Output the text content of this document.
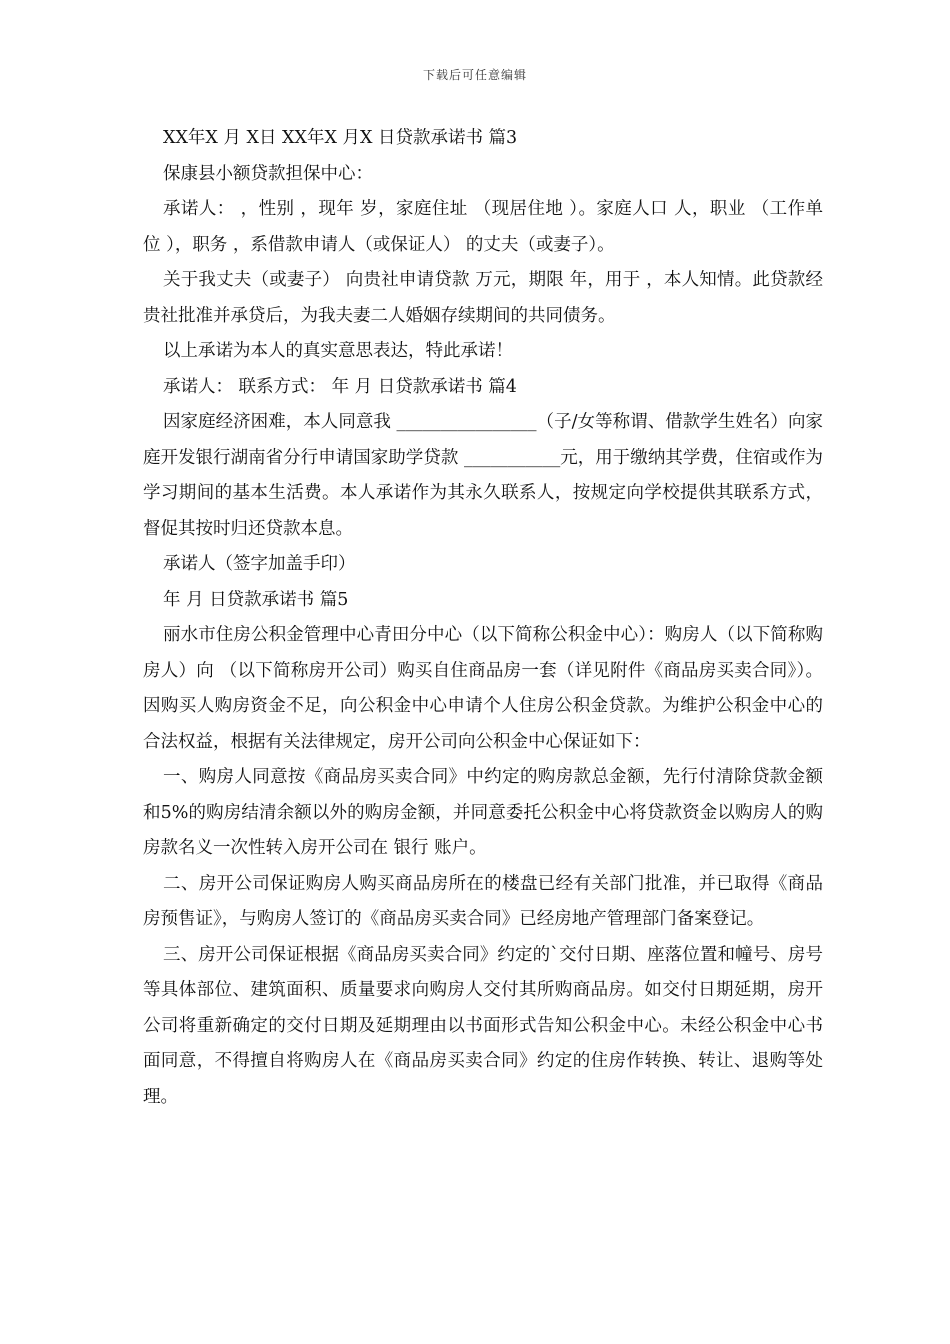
下载后可任意编辑

XX年X 月 X日 XX年X 月X 日贷款承诺书 篇3

保康县小额贷款担保中心：

承诺人： ，性别 ，现年 岁，家庭住址 （现居住地 ）。家庭人口 人，职业 （工作单位 ），职务 ，系借款申请人（或保证人） 的丈夫（或妻子）。

关于我丈夫（或妻子） 向贵社申请贷款 万元，期限 年，用于 ，本人知情。此贷款经贵社批准并承贷后，为我夫妻二人婚姻存续期间的共同债务。

以上承诺为本人的真实意思表达，特此承诺！

承诺人： 联系方式： 年 月 日贷款承诺书 篇4

因家庭经济困难，本人同意我 ________________（子/女等称谓、借款学生姓名）向家庭开发银行湖南省分行申请国家助学贷款 ___________元，用于缴纳其学费，住宿或作为学习期间的基本生活费。本人承诺作为其永久联系人，按规定向学校提供其联系方式，督促其按时归还贷款本息。

承诺人（签字加盖手印）

年 月 日贷款承诺书 篇5

丽水市住房公积金管理中心青田分中心（以下简称公积金中心）：购房人（以下简称购房人）向 （以下简称房开公司）购买自住商品房一套（详见附件《商品房买卖合同》）。因购买人购房资金不足，向公积金中心申请个人住房公积金贷款。为维护公积金中心的合法权益，根据有关法律规定，房开公司向公积金中心保证如下：

一、购房人同意按《商品房买卖合同》中约定的购房款总金额，先行付清除贷款金额和5%的购房结清余额以外的购房金额，并同意委托公积金中心将贷款资金以购房人的购房款名义一次性转入房开公司在 银行 账户。

二、房开公司保证购房人购买商品房所在的楼盘已经有关部门批准，并已取得《商品房预售证》，与购房人签订的《商品房买卖合同》已经房地产管理部门备案登记。

三、房开公司保证根据《商品房买卖合同》约定的`交付日期、座落位置和幢号、房号等具体部位、建筑面积、质量要求向购房人交付其所购商品房。如交付日期延期，房开公司将重新确定的交付日期及延期理由以书面形式告知公积金中心。未经公积金中心书面同意，不得擅自将购房人在《商品房买卖合同》约定的住房作转换、转让、退购等处理。
